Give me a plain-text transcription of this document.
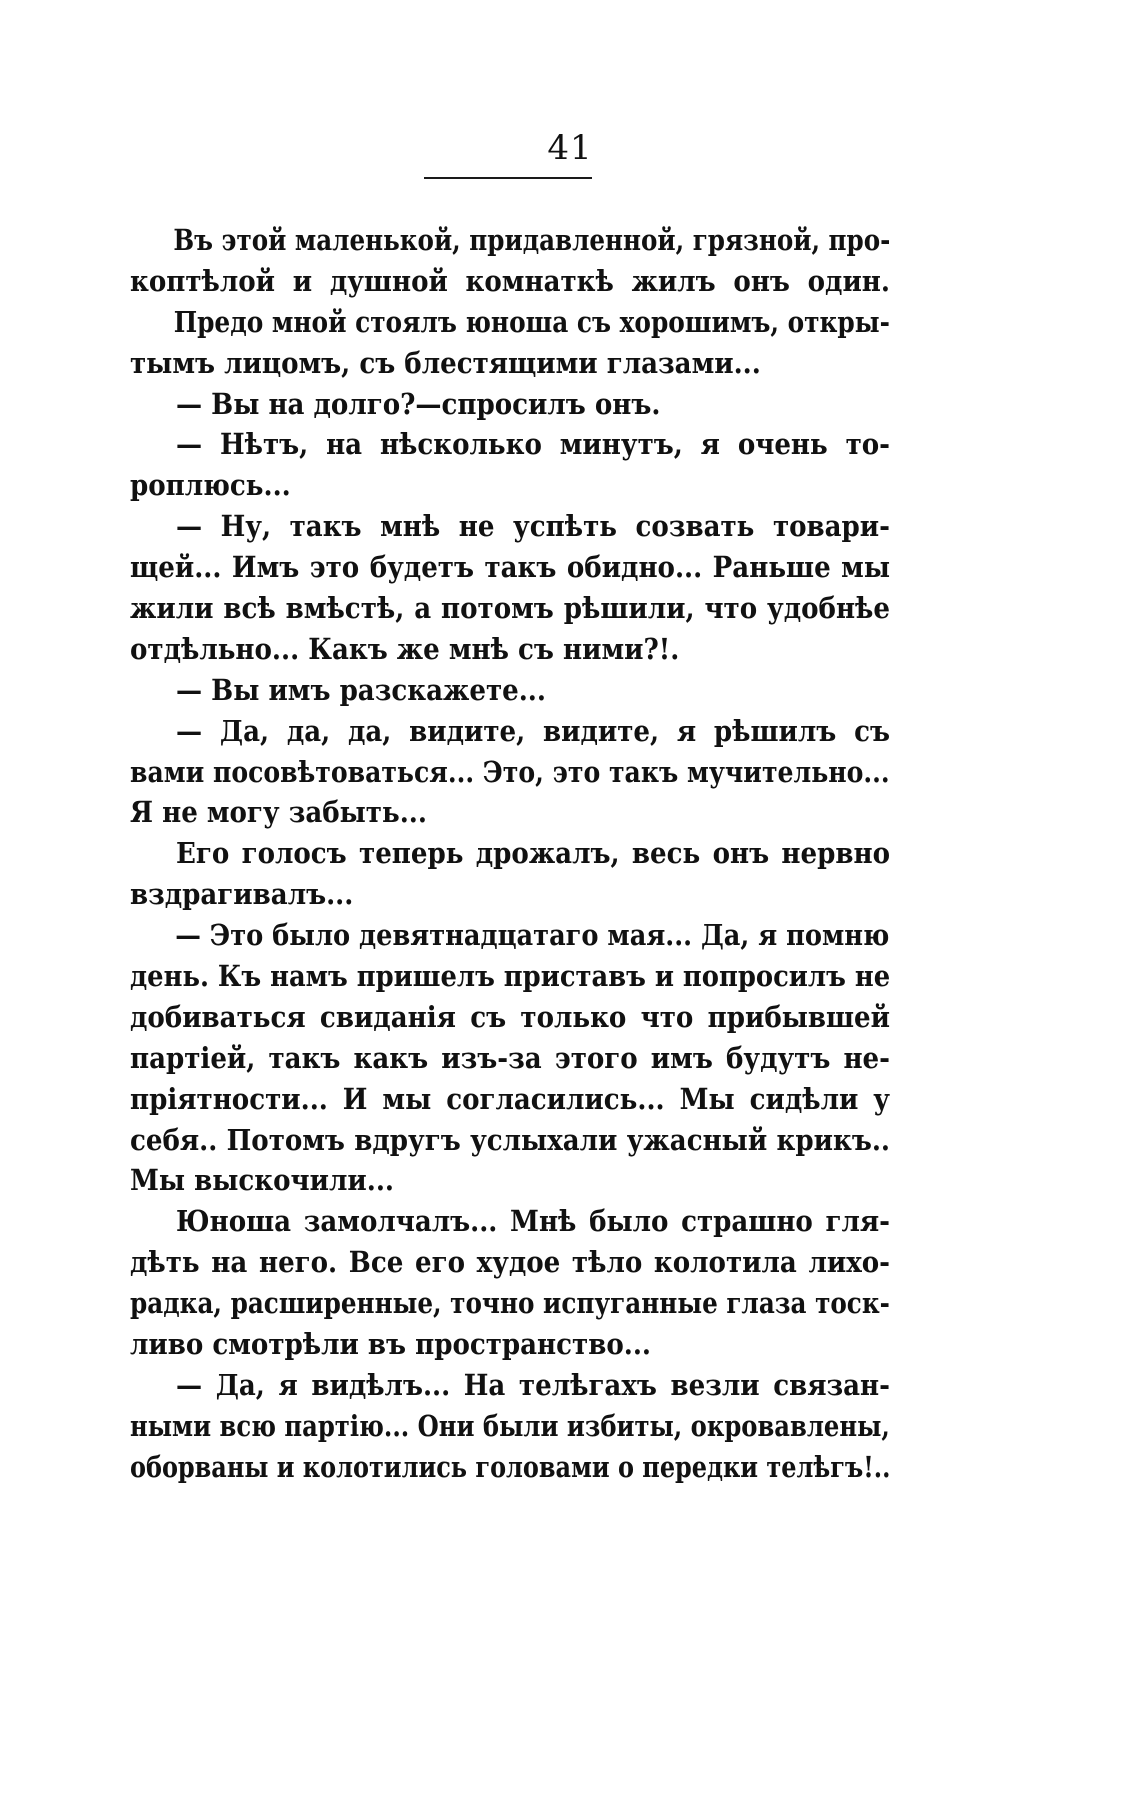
41
Въ этой маленькой, придавленной, грязной, про-
коптѣлой и душной комнаткѣ жилъ онъ один.
Предо мной стоялъ юноша съ хорошимъ, откры-
тымъ лицомъ, съ блестящими глазами...
— Вы на долго?—спросилъ онъ.
— Нѣтъ, на нѣсколько минутъ, я очень то-
роплюсь...
— Ну, такъ мнѣ не успѣть созвать товари-
щей... Имъ это будетъ такъ обидно... Раньше мы
жили всѣ вмѣстѣ, а потомъ рѣшили, что удобнѣе
отдѣльно... Какъ же мнѣ съ ними?!.
— Вы имъ разскажете...
— Да, да, да, видите, видите, я рѣшилъ съ
вами посовѣтоваться... Это, это такъ мучительно...
Я не могу забыть...
Его голосъ теперь дрожалъ, весь онъ нервно
вздрагивалъ...
— Это было девятнадцатаго мая... Да, я помню
день. Къ намъ пришелъ приставъ и попросилъ не
добиваться свиданія съ только что прибывшей
партіей, такъ какъ изъ-за этого имъ будутъ не-
пріятности... И мы согласились... Мы сидѣли у
себя.. Потомъ вдругъ услыхали ужасный крикъ..
Мы выскочили...
Юноша замолчалъ... Мнѣ было страшно гля-
дѣть на него. Все его худое тѣло колотила лихо-
радка, расширенные, точно испуганные глаза тоск-
ливо смотрѣли въ пространство...
— Да, я видѣлъ... На телѣгахъ везли связан-
ными всю партію... Они были избиты, окровавлены,
оборваны и колотились головами о передки телѣгъ!..
